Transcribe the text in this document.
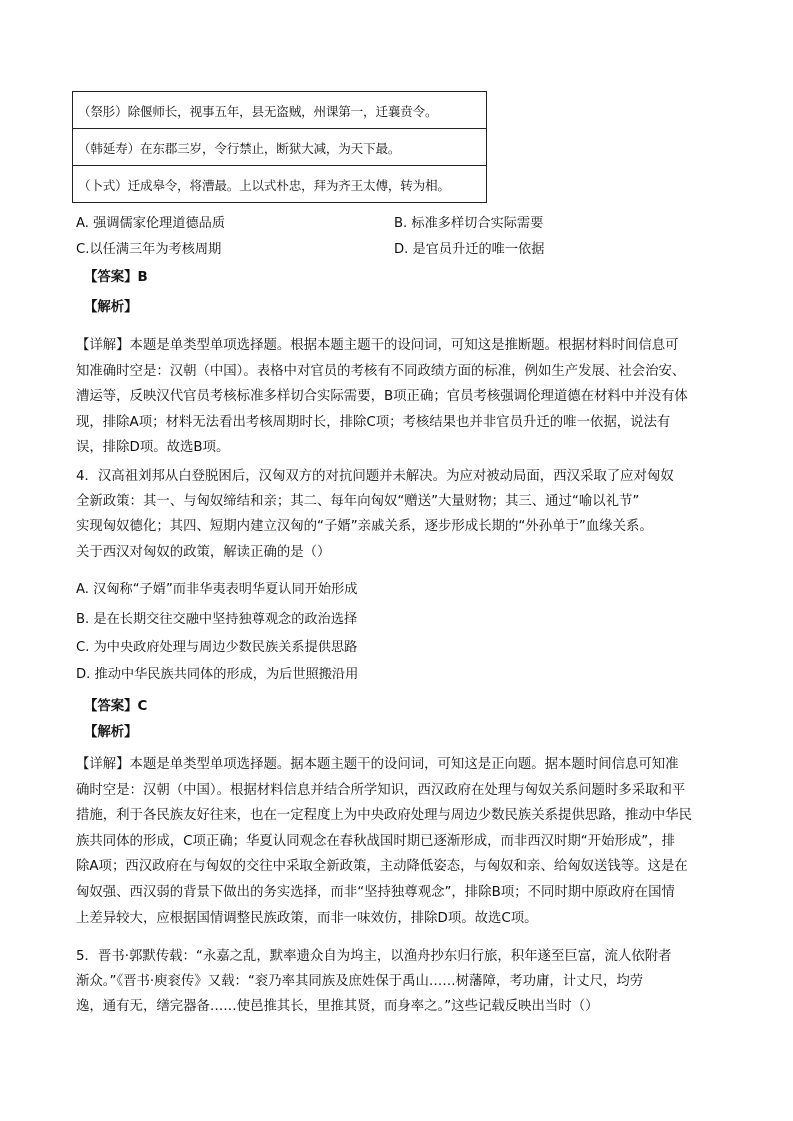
（祭肜）除偃师长，视事五年，县无盗贼，州课第一，迁襄贲令。
（韩延寿）在东郡三岁，令行禁止，断狱大减，为天下最。
（卜式）迁成皋令，将漕最。上以式朴忠，拜为齐王太傅，转为相。
A. 强调儒家伦理道德品质	B. 标准多样切合实际需要
C.以任满三年为考核周期	D. 是官员升迁的唯一依据
【答案】B
【解析】
【详解】本题是单类型单项选择题。根据本题主题干的设问词，可知这是推断题。根据材料时间信息可
知准确时空是：汉朝（中国）。表格中对官员的考核有不同政绩方面的标准，例如生产发展、社会治安、
漕运等，反映汉代官员考核标准多样切合实际需要，B项正确；官员考核强调伦理道德在材料中并没有体
现，排除A项；材料无法看出考核周期时长，排除C项；考核结果也并非官员升迁的唯一依据，说法有
误，排除D项。故选B项。
4．汉高祖刘邦从白登脱困后，汉匈双方的对抗问题并未解决。为应对被动局面，西汉采取了应对匈奴
全新政策：其一、与匈奴缔结和亲；其二、每年向匈奴“赠送”大量财物；其三、通过“喻以礼节”
实现匈奴德化；其四、短期内建立汉匈的“子婿”亲戚关系，逐步形成长期的“外孙单于”血缘关系。
关于西汉对匈奴的政策，解读正确的是（）
A. 汉匈称“子婿”而非华夷表明华夏认同开始形成
B. 是在长期交往交融中坚持独尊观念的政治选择
C. 为中央政府处理与周边少数民族关系提供思路
D. 推动中华民族共同体的形成，为后世照搬沿用
【答案】C
【解析】
【详解】本题是单类型单项选择题。据本题主题干的设问词，可知这是正向题。据本题时间信息可知准
确时空是：汉朝（中国）。根据材料信息并结合所学知识，西汉政府在处理与匈奴关系问题时多采取和平
措施，利于各民族友好往来，也在一定程度上为中央政府处理与周边少数民族关系提供思路，推动中华民
族共同体的形成，C项正确；华夏认同观念在春秋战国时期已逐渐形成，而非西汉时期“开始形成”，排
除A项；西汉政府在与匈奴的交往中采取全新政策，主动降低姿态，与匈奴和亲、给匈奴送钱等。这是在
匈奴强、西汉弱的背景下做出的务实选择，而非“坚持独尊观念”，排除B项；不同时期中原政府在国情
上差异较大，应根据国情调整民族政策，而非一味效仿，排除D项。故选C项。
5．晋书·郭默传载：“永嘉之乱，默率遗众自为坞主，以渔舟抄东归行旅，积年遂至巨富，流人依附者
渐众。”《晋书·庾衮传》又载：“衮乃率其同族及庶姓保于禹山……树藩障，考功庸，计丈尺，均劳
逸，通有无，缮完器备……使邑推其长，里推其贤，而身率之。”这些记载反映出当时（）
